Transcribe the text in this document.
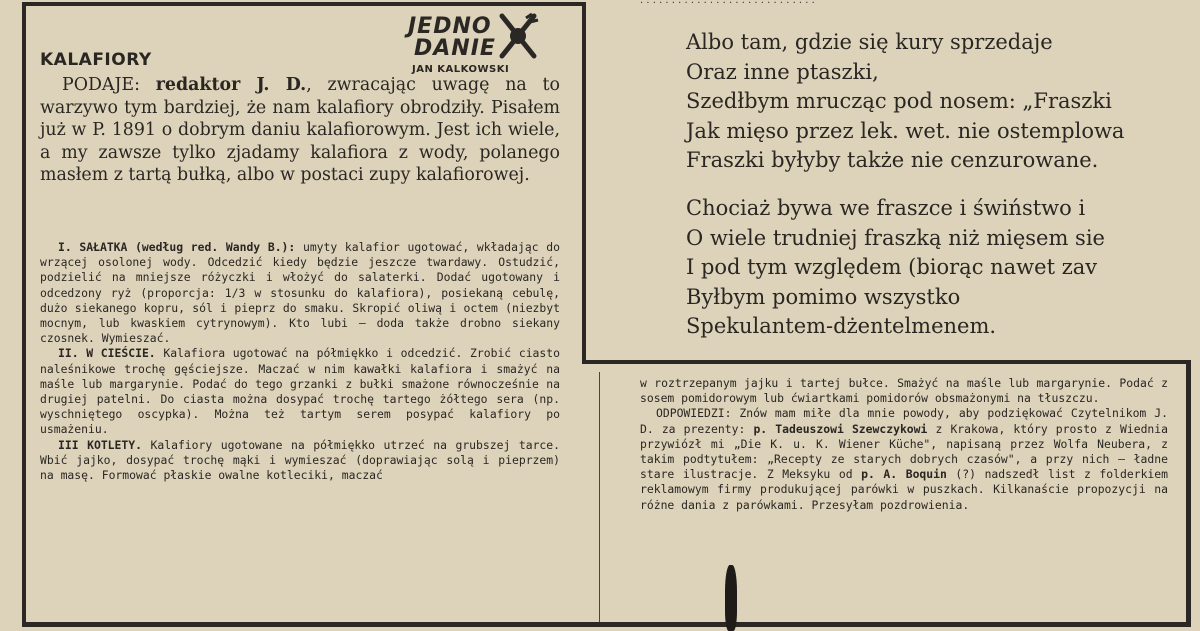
· · · · · · · · · · · · · · · · · · · · · · · · · · · ·
JEDNO
DANIE
JAN KALKOWSKI
KALAFIORY

PODAJE: redaktor J. D., zwracając uwagę na to warzywo tym bardziej, że nam kalafiory obrodziły. Pisałem już w P. 1891 o dobrym daniu kalafiorowym. Jest ich wiele, a my zawsze tylko zjadamy kalafiora z wody, polanego masłem z tartą bułką, albo w postaci zupy kalafiorowej.

I. SAŁATKA (według red. Wandy B.): umyty kalafior ugotować, wkładając do wrzącej osolonej wody. Odcedzić kiedy będzie jeszcze twardawy. Ostudzić, podzielić na mniejsze różyczki i włożyć do salaterki. Dodać ugotowany i odcedzony ryż (proporcja: 1/3 w stosunku do kalafiora), posiekaną cebulę, dużo siekanego kopru, sól i pieprz do smaku. Skropić oliwą i octem (niezbyt mocnym, lub kwaskiem cytrynowym). Kto lubi — doda także drobno siekany czosnek. Wymieszać.

II. W CIEŚCIE. Kalafiora ugotować na półmiękko i odcedzić. Zrobić ciasto naleśnikowe trochę gęściejsze. Maczać w nim kawałki kalafiora i smażyć na maśle lub margarynie. Podać do tego grzanki z bułki smażone równocześnie na drugiej patelni. Do ciasta można dosypać trochę tartego żółtego sera (np. wyschniętego oscypka). Można też tartym serem posypać kalafiory po usmażeniu.

III KOTLETY. Kalafiory ugotowane na półmiękko utrzeć na grubszej tarce. Wbić jajko, dosypać trochę mąki i wymieszać (doprawiając solą i pieprzem) na masę. Formować płaskie owalne kotleciki, maczać

Albo tam, gdzie się kury sprzedaje
Oraz inne ptaszki,
Szedłbym mrucząc pod nosem: „Fraszki
Jak mięso przez lek. wet. nie ostemplowa
Fraszki byłyby także nie cenzurowane.
Chociaż bywa we fraszce i świństwo i
O wiele trudniej fraszką niż mięsem sie
I pod tym względem (biorąc nawet zav
Byłbym pomimo wszystko
Spekulantem-dżentelmenem.

w roztrzepanym jajku i tartej bułce. Smażyć na maśle lub margarynie. Podać z sosem pomidorowym lub ćwiartkami pomidorów obsmażonymi na tłuszczu.

ODPOWIEDZI: Znów mam miłe dla mnie powody, aby podziękować Czytelnikom J. D. za prezenty: p. Tadeuszowi Szewczykowi z Krakowa, który prosto z Wiednia przywiózł mi „Die K. u. K. Wiener Küche", napisaną przez Wolfa Neubera, z takim podtytułem: „Recepty ze starych dobrych czasów", a przy nich — ładne stare ilustracje. Z Meksyku od p. A. Boquin (?) nadszedł list z folderkiem reklamowym firmy produkującej parówki w puszkach. Kilkanaście propozycji na różne dania z parówkami. Przesyłam pozdrowienia.
